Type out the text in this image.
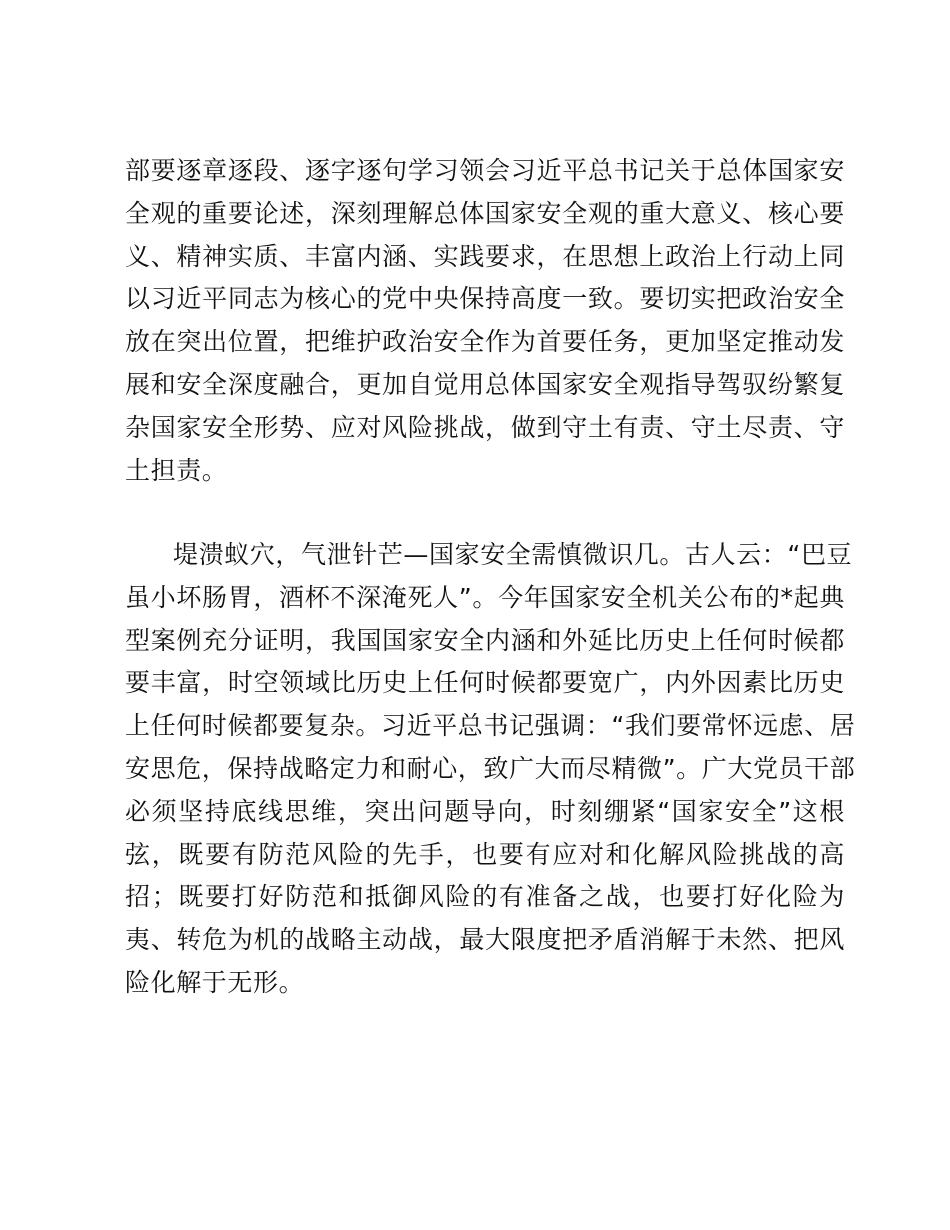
部要逐章逐段、逐字逐句学习领会习近平总书记关于总体国家安
全观的重要论述，深刻理解总体国家安全观的重大意义、核心要
义、精神实质、丰富内涵、实践要求，在思想上政治上行动上同
以习近平同志为核心的党中央保持高度一致。要切实把政治安全
放在突出位置，把维护政治安全作为首要任务，更加坚定推动发
展和安全深度融合，更加自觉用总体国家安全观指导驾驭纷繁复
杂国家安全形势、应对风险挑战，做到守土有责、守土尽责、守
土担责。
堤溃蚁穴，气泄针芒—国家安全需慎微识几。古人云：“巴豆
虽小坏肠胃，酒杯不深淹死人”。今年国家安全机关公布的*起典
型案例充分证明，我国国家安全内涵和外延比历史上任何时候都
要丰富，时空领域比历史上任何时候都要宽广，内外因素比历史
上任何时候都要复杂。习近平总书记强调：“我们要常怀远虑、居
安思危，保持战略定力和耐心，致广大而尽精微”。广大党员干部
必须坚持底线思维，突出问题导向，时刻绷紧“国家安全”这根
弦，既要有防范风险的先手，也要有应对和化解风险挑战的高
招；既要打好防范和抵御风险的有准备之战，也要打好化险为
夷、转危为机的战略主动战，最大限度把矛盾消解于未然、把风
险化解于无形。
